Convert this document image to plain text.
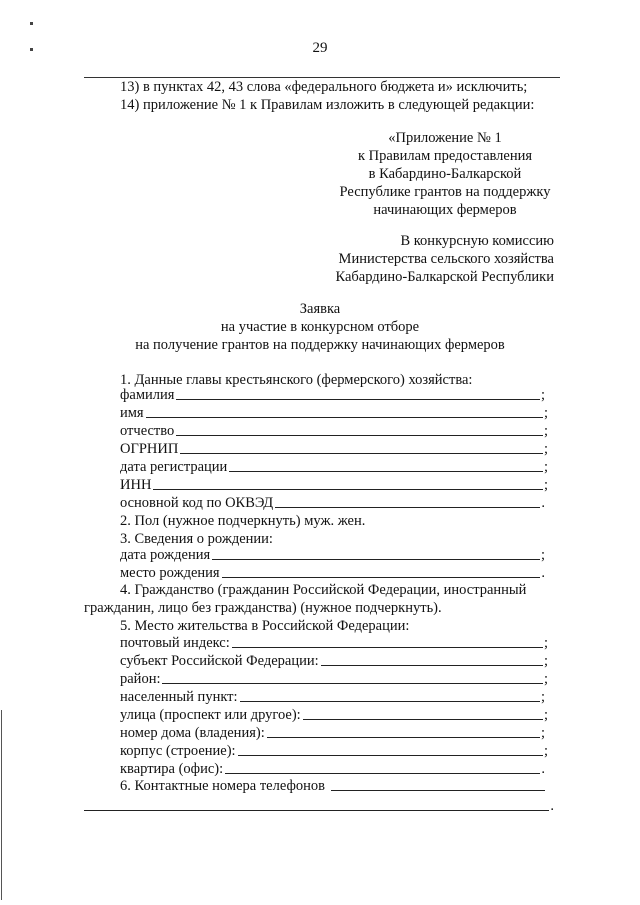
29
13) в пунктах 42, 43 слова «федерального бюджета и» исключить;
14) приложение № 1 к Правилам изложить в следующей редакции:
«Приложение № 1
к Правилам предоставления
в Кабардино-Балкарской
Республике грантов на поддержку
начинающих фермеров
В конкурсную комиссию
Министерства сельского хозяйства
Кабардино-Балкарской Республики
Заявка
на участие в конкурсном отборе
на получение грантов на поддержку начинающих фермеров
1. Данные главы крестьянского (фермерского) хозяйства:
фамилия	;
имя	;
отчество	;
ОГРНИП	;
дата регистрации	;
ИНН	;
основной код по ОКВЭД	.
2. Пол (нужное подчеркнуть) муж. жен.
3. Сведения о рождении:
дата рождения	;
место рождения	.
4. Гражданство (гражданин Российской Федерации, иностранный
гражданин, лицо без гражданства) (нужное подчеркнуть).
5. Место жительства в Российской Федерации:
почтовый индекс:	;
субъект Российской Федерации:	;
район:	;
населенный пункт:	;
улица (проспект или другое):	;
номер дома (владения):	;
корпус (строение):	;
квартира (офис):	.
6. Контактные номера телефонов
.
